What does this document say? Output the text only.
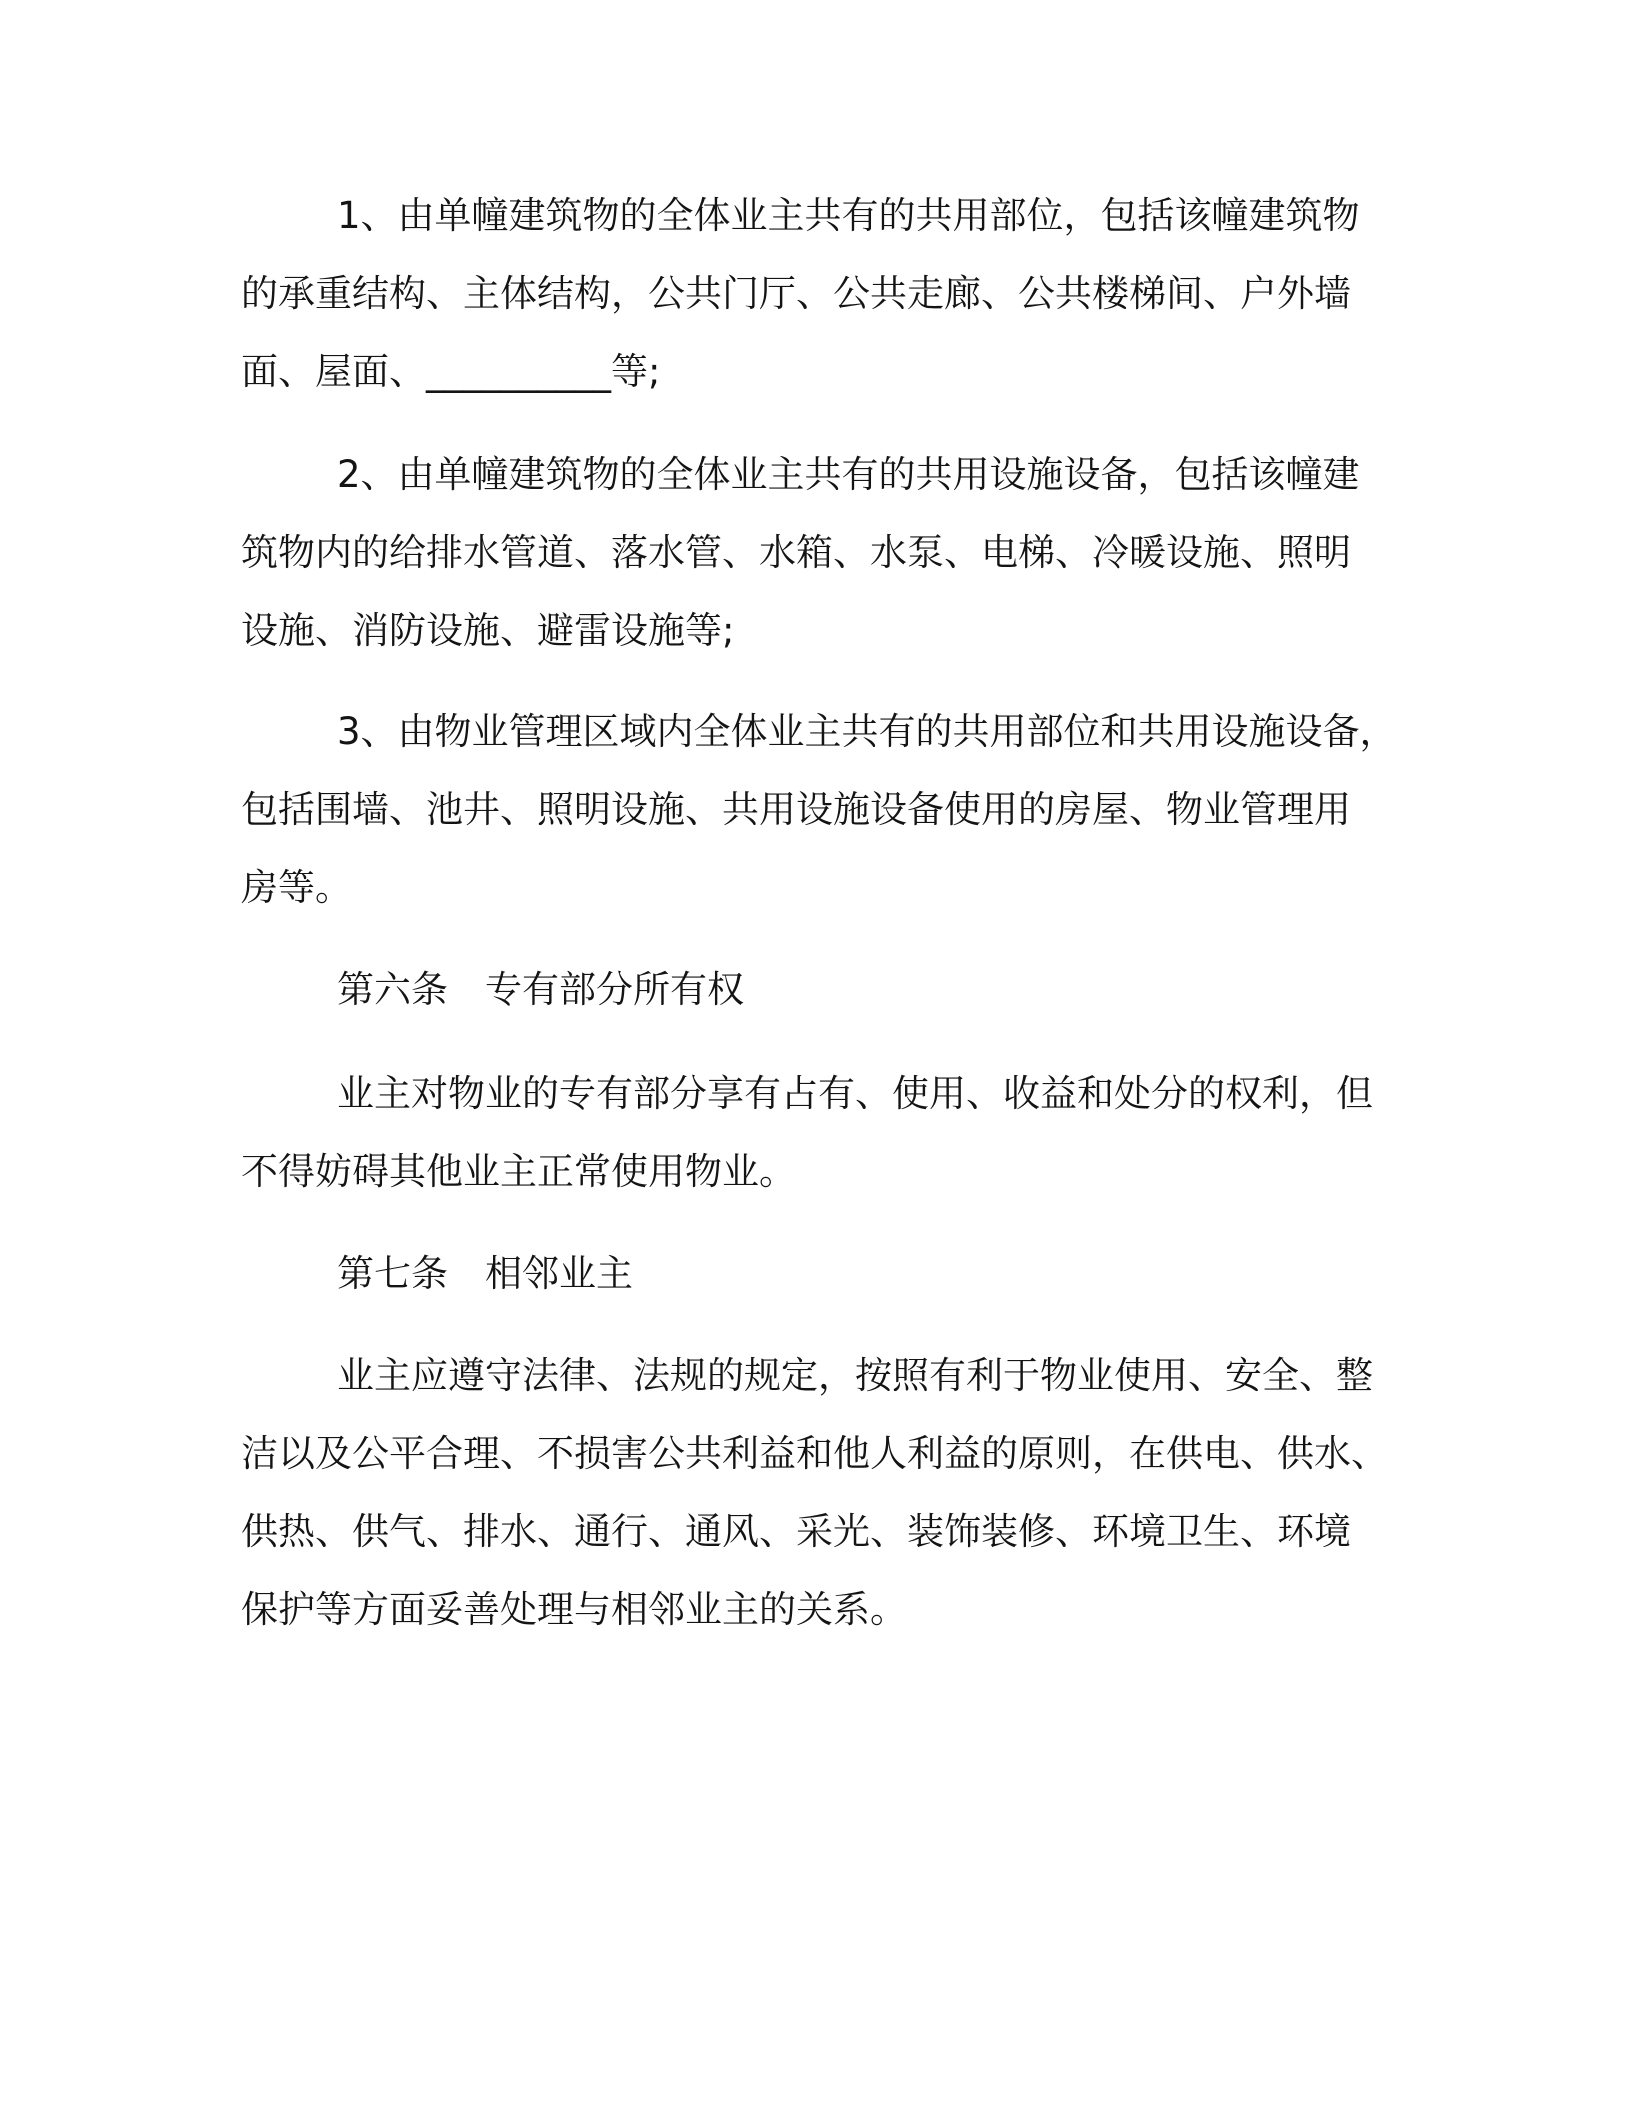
1、由单幢建筑物的全体业主共有的共用部位，包括该幢建筑物
的承重结构、主体结构，公共门厅、公共走廊、公共楼梯间、户外墙
面、屋面、__________等;
2、由单幢建筑物的全体业主共有的共用设施设备，包括该幢建
筑物内的给排水管道、落水管、水箱、水泵、电梯、冷暖设施、照明
设施、消防设施、避雷设施等;
3、由物业管理区域内全体业主共有的共用部位和共用设施设备，
包括围墙、池井、照明设施、共用设施设备使用的房屋、物业管理用
房等。
第六条　专有部分所有权
业主对物业的专有部分享有占有、使用、收益和处分的权利，但
不得妨碍其他业主正常使用物业。
第七条　相邻业主
业主应遵守法律、法规的规定，按照有利于物业使用、安全、整
洁以及公平合理、不损害公共利益和他人利益的原则，在供电、供水、
供热、供气、排水、通行、通风、采光、装饰装修、环境卫生、环境
保护等方面妥善处理与相邻业主的关系。
